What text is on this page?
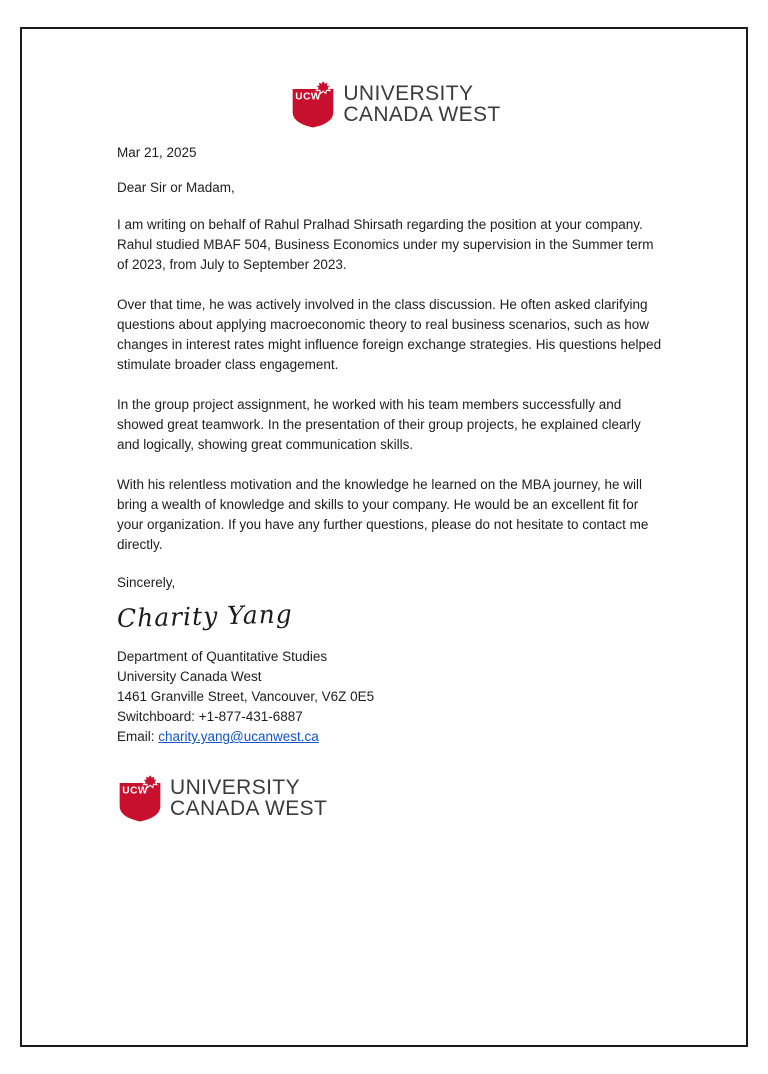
UCW UNIVERSITY
CANADA WEST
Mar 21, 2025
Dear Sir or Madam,

I am writing on behalf of Rahul Pralhad Shirsath regarding the position at your company. Rahul studied MBAF 504, Business Economics under my supervision in the Summer term of 2023, from July to September 2023.

Over that time, he was actively involved in the class discussion. He often asked clarifying questions about applying macroeconomic theory to real business scenarios, such as how changes in interest rates might influence foreign exchange strategies. His questions helped stimulate broader class engagement.

In the group project assignment, he worked with his team members successfully and showed great teamwork. In the presentation of their group projects, he explained clearly and logically, showing great communication skills.

With his relentless motivation and the knowledge he learned on the MBA journey, he will bring a wealth of knowledge and skills to your company. He would be an excellent fit for your organization. If you have any further questions, please do not hesitate to contact me directly.

Sincerely,
Charity Yang
Department of Quantitative Studies
University Canada West
1461 Granville Street, Vancouver, V6Z 0E5
Switchboard: +1-877-431-6887
Email: charity.yang@ucanwest.ca
UCW UNIVERSITY
CANADA WEST
